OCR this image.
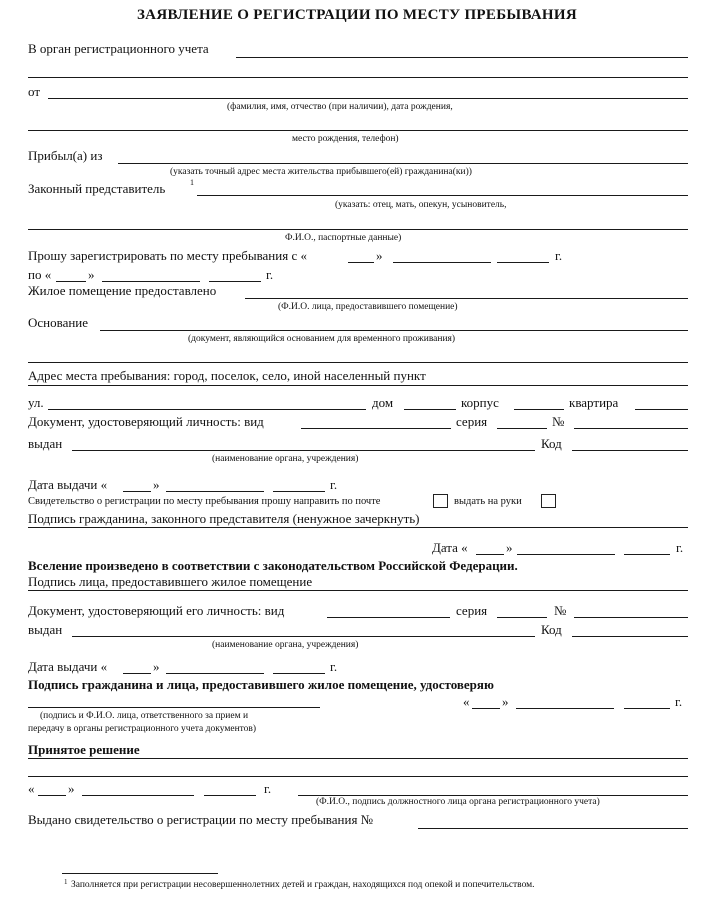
ЗАЯВЛЕНИЕ О РЕГИСТРАЦИИ ПО МЕСТУ ПРЕБЫВАНИЯ
В орган регистрационного учета
от
(фамилия, имя, отчество (при наличии), дата рождения,
место рождения, телефон)
Прибыл(а) из
(указать точный адрес места жительства прибывшего(ей) гражданина(ки))
Законный представитель	1
(указать: отец, мать, опекун, усыновитель,
Ф.И.О., паспортные данные)
Прошу зарегистрировать по месту пребывания с «	»	г.
по «	»	г.
Жилое помещение предоставлено
(Ф.И.О. лица, предоставившего помещение)
Основание
(документ, являющийся основанием для временного проживания)
Адрес места пребывания: город, поселок, село, иной населенный пункт
ул.	дом	корпус	квартира
Документ, удостоверяющий личность: вид	серия	№
выдан	Код
(наименование органа, учреждения)
Дата выдачи «	»	г.
Свидетельство о регистрации по месту пребывания прошу направить по почте	выдать на руки
Подпись гражданина, законного представителя (ненужное зачеркнуть)
Дата «	»	г.
Вселение произведено в соответствии с законодательством Российской Федерации.
Подпись лица, предоставившего жилое помещение
Документ, удостоверяющий его личность: вид	серия	№
выдан	Код
(наименование органа, учреждения)
Дата выдачи «	»	г.
Подпись гражданина и лица, предоставившего жилое помещение, удостоверяю
«	»	г.
(подпись и Ф.И.О. лица, ответственного за прием и
передачу в органы регистрационного учета документов)
Принятое решение
«	»	г.
(Ф.И.О., подпись должностного лица органа регистрационного учета)
Выдано свидетельство о регистрации по месту пребывания №
1 Заполняется при регистрации несовершеннолетних детей и граждан, находящихся под опекой и попечительством.
